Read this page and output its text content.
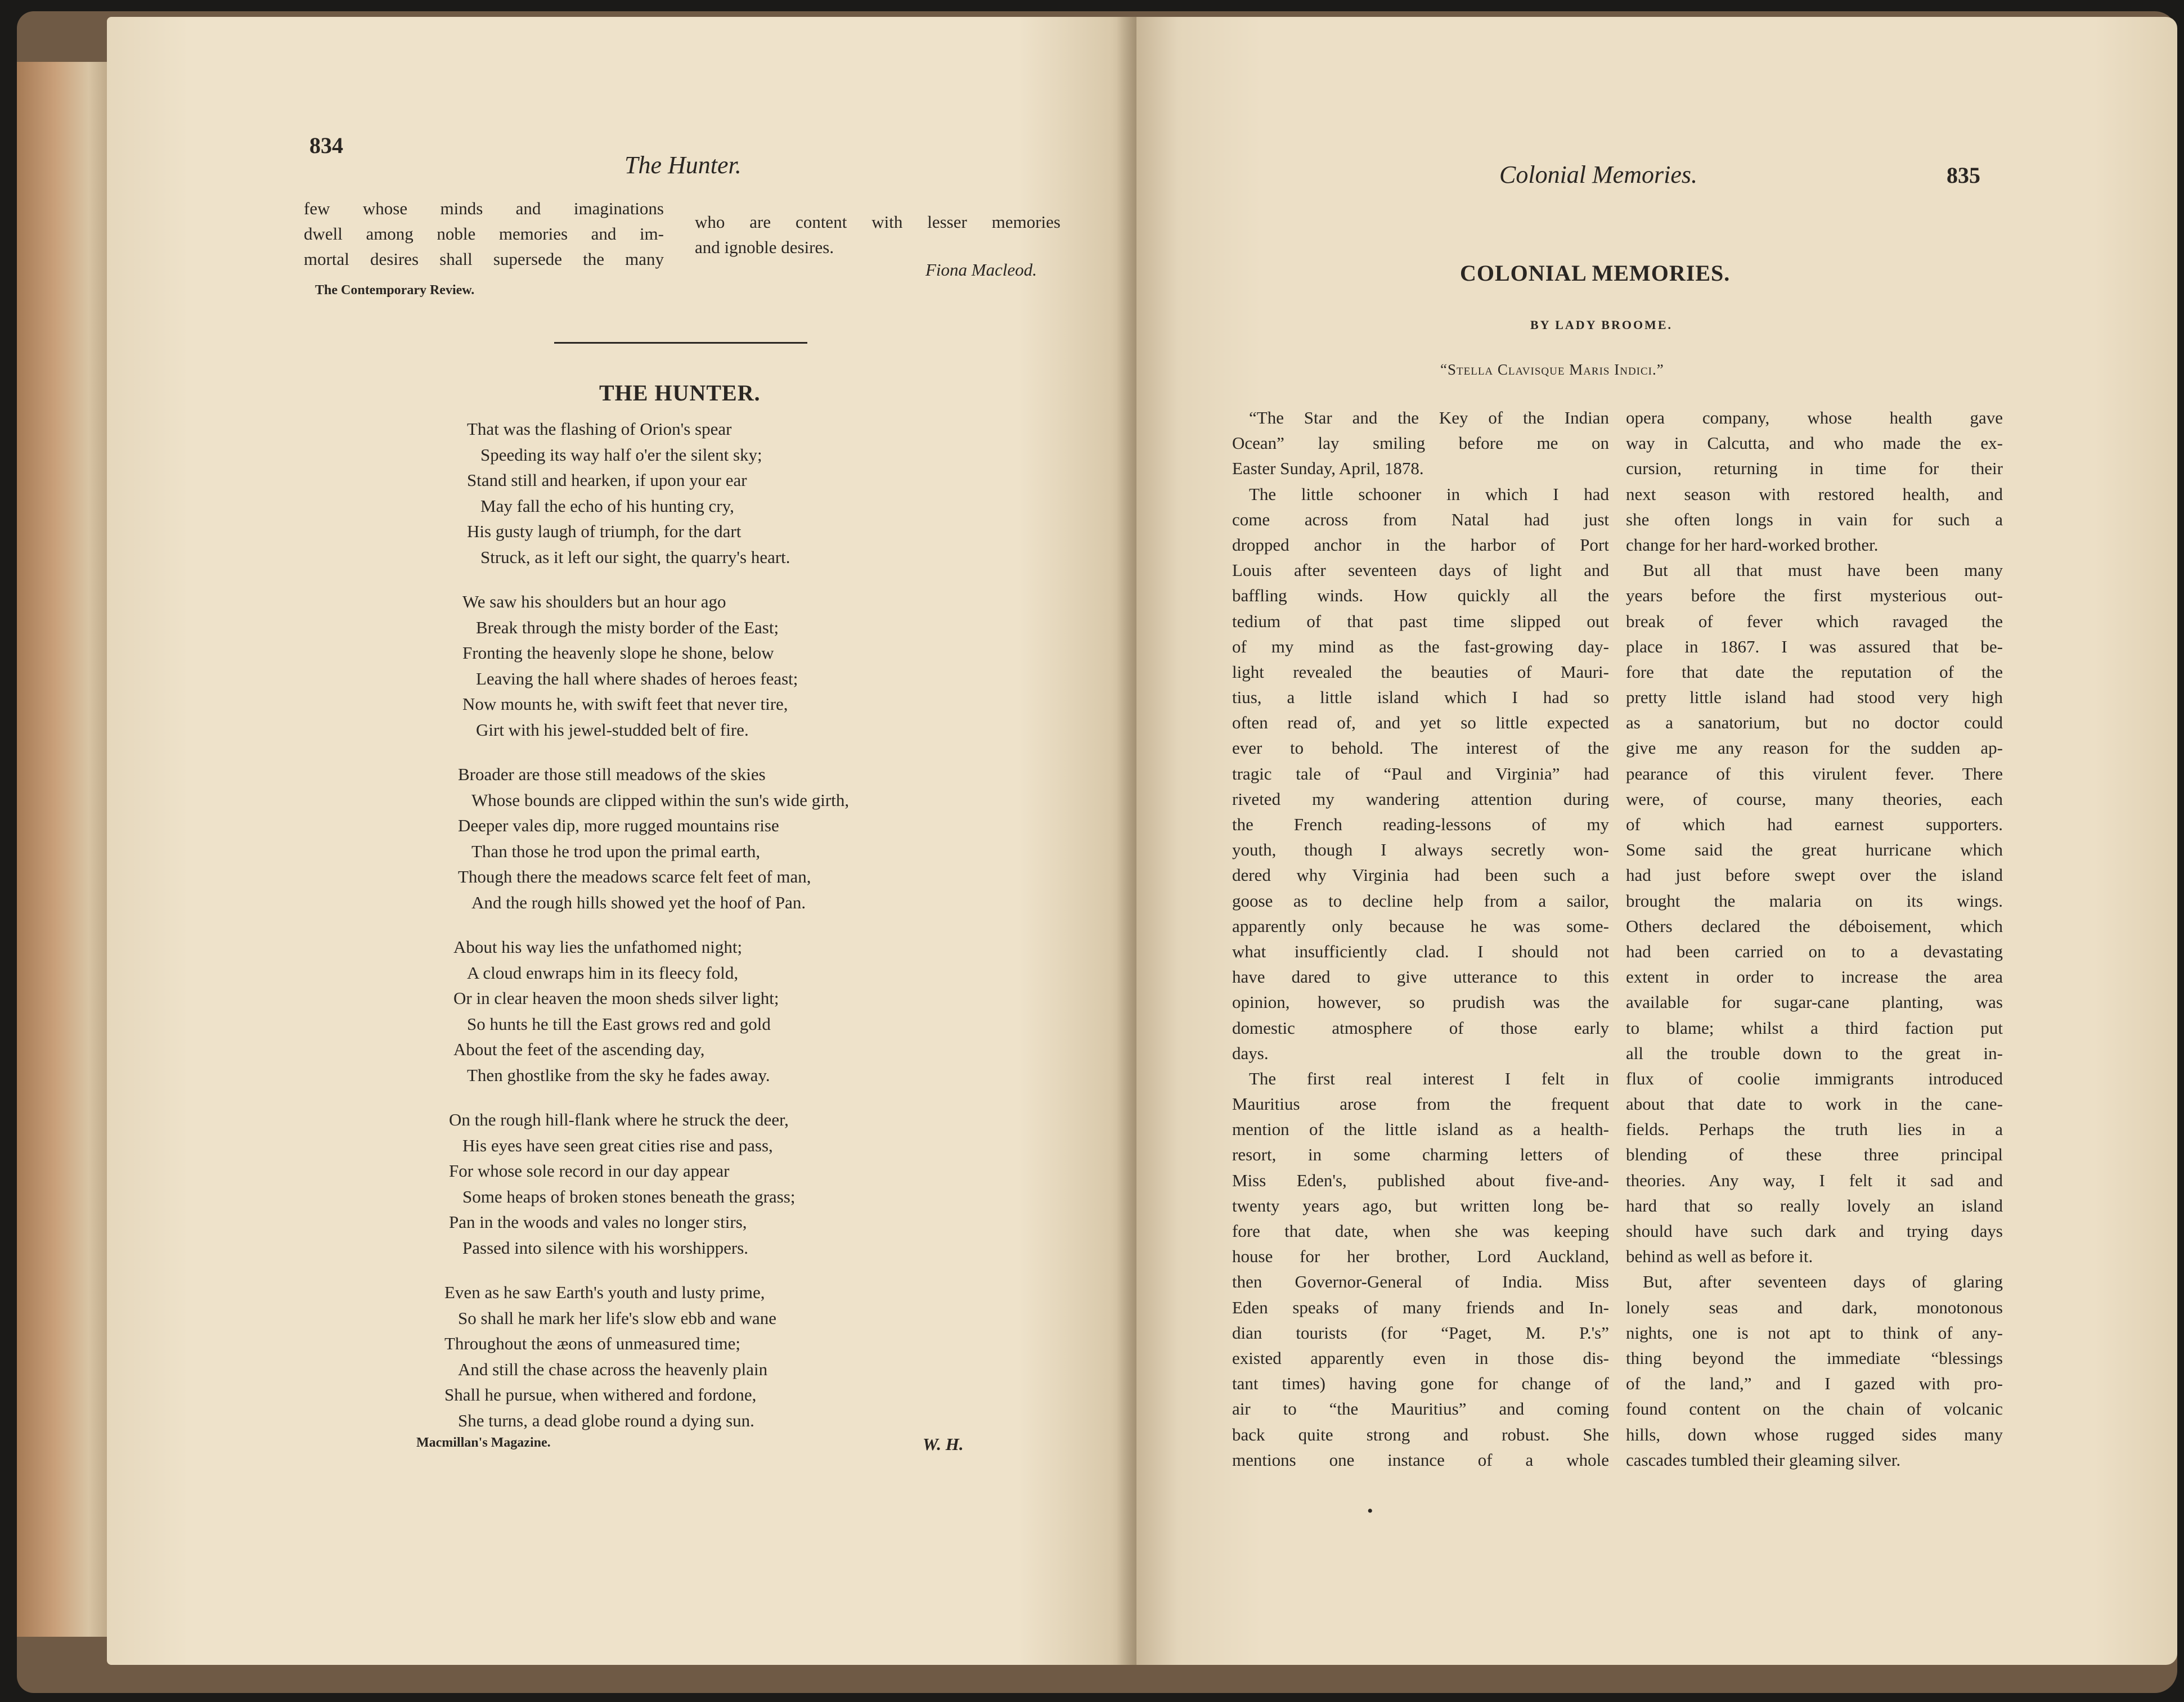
834
The Hunter.
few whose minds and imaginations
dwell among noble memories and im-
mortal desires shall supersede the many
who are content with lesser memories
and ignoble desires.
Fiona Macleod.
The Contemporary Review.
THE HUNTER.
That was the flashing of Orion's spear
Speeding its way half o'er the silent sky;
Stand still and hearken, if upon your ear
May fall the echo of his hunting cry,
His gusty laugh of triumph, for the dart
Struck, as it left our sight, the quarry's heart.
We saw his shoulders but an hour ago
Break through the misty border of the East;
Fronting the heavenly slope he shone, below
Leaving the hall where shades of heroes feast;
Now mounts he, with swift feet that never tire,
Girt with his jewel-studded belt of fire.
Broader are those still meadows of the skies
Whose bounds are clipped within the sun's wide girth,
Deeper vales dip, more rugged mountains rise
Than those he trod upon the primal earth,
Though there the meadows scarce felt feet of man,
And the rough hills showed yet the hoof of Pan.
About his way lies the unfathomed night;
A cloud enwraps him in its fleecy fold,
Or in clear heaven the moon sheds silver light;
So hunts he till the East grows red and gold
About the feet of the ascending day,
Then ghostlike from the sky he fades away.
On the rough hill-flank where he struck the deer,
His eyes have seen great cities rise and pass,
For whose sole record in our day appear
Some heaps of broken stones beneath the grass;
Pan in the woods and vales no longer stirs,
Passed into silence with his worshippers.
Even as he saw Earth's youth and lusty prime,
So shall he mark her life's slow ebb and wane
Throughout the æons of unmeasured time;
And still the chase across the heavenly plain
Shall he pursue, when withered and fordone,
She turns, a dead globe round a dying sun.
Macmillan's Magazine.	W. H.
Colonial Memories.	835
COLONIAL MEMORIES.
BY LADY BROOME.
“Stella Clavisque Maris Indici.”
“The Star and the Key of the Indian
Ocean” lay smiling before me on
Easter Sunday, April, 1878.
The little schooner in which I had
come across from Natal had just
dropped anchor in the harbor of Port
Louis after seventeen days of light and
baffling winds. How quickly all the
tedium of that past time slipped out
of my mind as the fast-growing day-
light revealed the beauties of Mauri-
tius, a little island which I had so
often read of, and yet so little expected
ever to behold. The interest of the
tragic tale of “Paul and Virginia” had
riveted my wandering attention during
the French reading-lessons of my
youth, though I always secretly won-
dered why Virginia had been such a
goose as to decline help from a sailor,
apparently only because he was some-
what insufficiently clad. I should not
have dared to give utterance to this
opinion, however, so prudish was the
domestic atmosphere of those early
days.
The first real interest I felt in
Mauritius arose from the frequent
mention of the little island as a health-
resort, in some charming letters of
Miss Eden's, published about five-and-
twenty years ago, but written long be-
fore that date, when she was keeping
house for her brother, Lord Auckland,
then Governor-General of India. Miss
Eden speaks of many friends and In-
dian tourists (for “Paget, M. P.'s”
existed apparently even in those dis-
tant times) having gone for change of
air to “the Mauritius” and coming
back quite strong and robust. She
mentions one instance of a whole
opera company, whose health gave
way in Calcutta, and who made the ex-
cursion, returning in time for their
next season with restored health, and
she often longs in vain for such a
change for her hard-worked brother.
But all that must have been many
years before the first mysterious out-
break of fever which ravaged the
place in 1867. I was assured that be-
fore that date the reputation of the
pretty little island had stood very high
as a sanatorium, but no doctor could
give me any reason for the sudden ap-
pearance of this virulent fever. There
were, of course, many theories, each
of which had earnest supporters.
Some said the great hurricane which
had just before swept over the island
brought the malaria on its wings.
Others declared the déboisement, which
had been carried on to a devastating
extent in order to increase the area
available for sugar-cane planting, was
to blame; whilst a third faction put
all the trouble down to the great in-
flux of coolie immigrants introduced
about that date to work in the cane-
fields. Perhaps the truth lies in a
blending of these three principal
theories. Any way, I felt it sad and
hard that so really lovely an island
should have such dark and trying days
behind as well as before it.
But, after seventeen days of glaring
lonely seas and dark, monotonous
nights, one is not apt to think of any-
thing beyond the immediate “blessings
of the land,” and I gazed with pro-
found content on the chain of volcanic
hills, down whose rugged sides many
cascades tumbled their gleaming silver.
•
